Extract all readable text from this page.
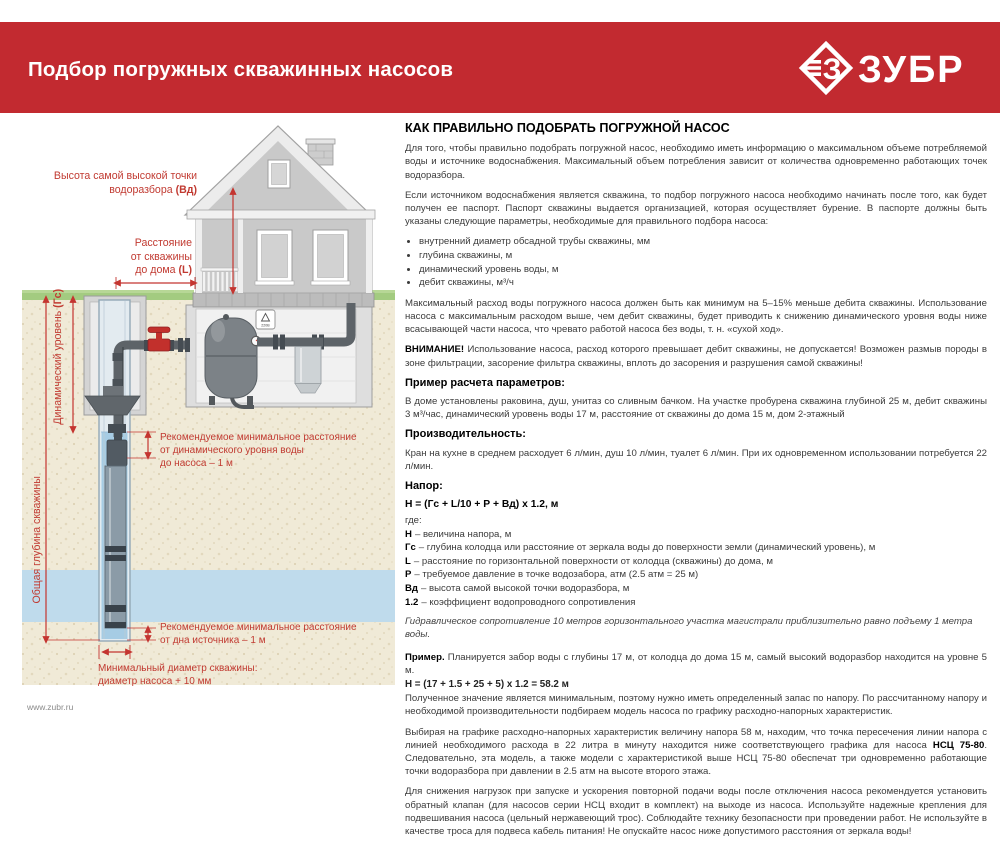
Подбор погружных скважинных насосов	З ЗУБР
220В
Высота самой высокой точки
водоразбора (Вд)
Расстояние
от скважины
до дома (L)
Динамический уровень (Гс)
Общая глубина скважины
Рекомендуемое минимальное расстояние
от динамического уровня воды
до насоса – 1 м
Рекомендуемое минимальное расстояние
от дна источника – 1 м
Минимальный диаметр скважины:
диаметр насоса + 10 мм
КАК ПРАВИЛЬНО ПОДОБРАТЬ ПОГРУЖНОЙ НАСОС

Для того, чтобы правильно подобрать погружной насос, необходимо иметь информацию о максимальном объеме потребляемой воды и источнике водоснабжения. Максимальный объем потребления зависит от количества одновременно работающих точек водоразбора.

Если источником водоснабжения является скважина, то подбор погружного насоса необходимо начинать после того, как будет получен ее паспорт. Паспорт скважины выдается организацией, которая осуществляет бурение. В паспорте должны быть указаны следующие параметры, необходимые для правильного подбора насоса:

• внутренний диаметр обсадной трубы скважины, мм
• глубина скважины, м
• динамический уровень воды, м
• дебит скважины, м³/ч

Максимальный расход воды погружного насоса должен быть как минимум на 5–15% меньше дебита скважины. Использование насоса с максимальным расходом выше, чем дебит скважины, будет приводить к снижению динамического уровня воды ниже всасывающей части насоса, что чревато работой насоса без воды, т. н. «сухой ход».

ВНИМАНИЕ! Использование насоса, расход которого превышает дебит скважины, не допускается! Возможен размыв породы в зоне фильтрации, засорение фильтра скважины, вплоть до засорения и разрушения самой скважины!

Пример расчета параметров:

В доме установлены раковина, душ, унитаз со сливным бачком. На участке пробурена скважина глубиной 25 м, дебит скважины 3 м³/час, динамический уровень воды 17 м, расстояние от скважины до дома 15 м, дом 2-этажный

Производительность:

Кран на кухне в среднем расходует 6 л/мин, душ 10 л/мин, туалет 6 л/мин. При их одновременном использовании потребуется 22 л/мин.

Напор:
Н = (Гс + L/10 + Р + Вд) х 1.2, м
где:
Н – величина напора, м
Гс – глубина колодца или расстояние от зеркала воды до поверхности земли (динамический уровень), м
L – расстояние по горизонтальной поверхности от колодца (скважины) до дома, м
Р – требуемое давление в точке водозабора, атм (2.5 атм = 25 м)
Вд – высота самой высокой точки водоразбора, м
1.2 – коэффициент водопроводного сопротивления
Гидравлическое сопротивление 10 метров горизонтального участка магистрали приблизительно равно подъему 1 метра воды.

Пример. Планируется забор воды с глубины 17 м, от колодца до дома 15 м, самый высокий водоразбор находится на уровне 5 м.

Н = (17 + 1.5 + 25 + 5) х 1.2 = 58.2 м

Полученное значение является минимальным, поэтому нужно иметь определенный запас по напору. По рассчитанному напору и необходимой производительности подбираем модель насоса по графику расходно-напорных характеристик.

Выбирая на графике расходно-напорных характеристик величину напора 58 м, находим, что точка пересечения линии напора с линией необходимого расхода в 22 литра в минуту находится ниже соответствующего графика для насоса НСЦ 75-80. Следовательно, эта модель, а также модели с характеристикой выше НСЦ 75-80 обеспечат три одновременно работающие точки водоразбора при давлении в 2.5 атм на высоте второго этажа.

Для снижения нагрузок при запуске и ускорения повторной подачи воды после отключения насоса рекомендуется установить обратный клапан (для насосов серии НСЦ входит в комплект) на выходе из насоса. Используйте надежные крепления для подвешивания насоса (цельный нержавеющий трос). Соблюдайте технику безопасности при проведении работ. Не используйте в качестве троса для подвеса кабель питания! Не опускайте насос ниже допустимого расстояния от зеркала воды!

www.zubr.ru
